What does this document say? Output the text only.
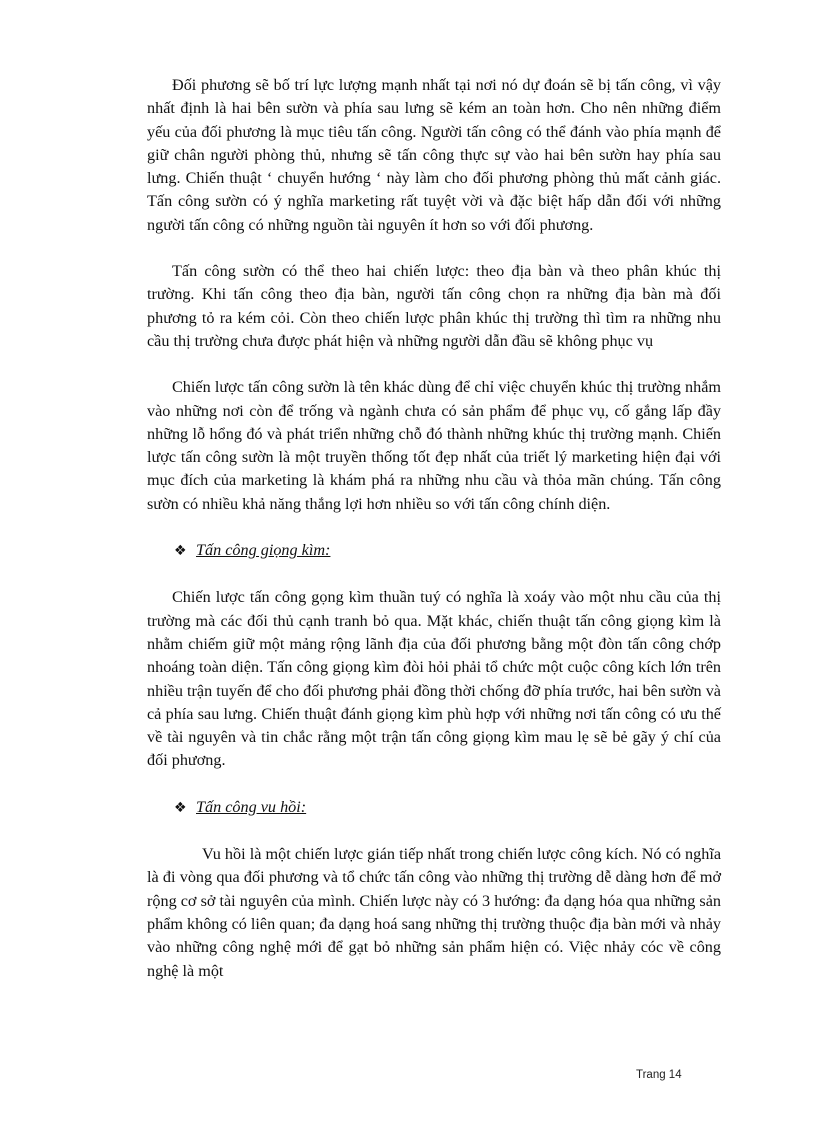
Đối phương sẽ bố trí lực lượng mạnh nhất tại nơi nó dự đoán sẽ bị tấn công, vì vậy nhất định là hai bên sườn và phía sau lưng sẽ kém an toàn hơn. Cho nên những điểm yếu của đối phương là mục tiêu tấn công. Người tấn công có thể đánh vào phía mạnh để giữ chân người phòng thủ, nhưng sẽ tấn công thực sự vào hai bên sườn hay phía sau lưng. Chiến thuật ‘ chuyển hướng ‘ này làm cho đối phương phòng thủ mất cảnh giác. Tấn công sườn có ý nghĩa marketing rất tuyệt vời và đặc biệt hấp dẫn đối với những người tấn công có những nguồn tài nguyên ít hơn so với đối phương.

Tấn công sườn có thể theo hai chiến lược: theo địa bàn và theo phân khúc thị trường. Khi tấn công theo địa bàn, người tấn công chọn ra những địa bàn mà đối phương tỏ ra kém cỏi. Còn theo chiến lược phân khúc thị trường thì tìm ra những nhu cầu thị trường chưa được phát hiện và những người dẫn đầu sẽ không phục vụ

Chiến lược tấn công sườn là tên khác dùng để chỉ việc chuyển khúc thị trường nhắm vào những nơi còn để trống và ngành chưa có sản phẩm để phục vụ, cố gắng lấp đầy những lỗ hổng đó và phát triển những chỗ đó thành những khúc thị trường mạnh. Chiến lược tấn công sườn là một truyền thống tốt đẹp nhất của triết lý marketing hiện đại với mục đích của marketing là khám phá ra những nhu cầu và thỏa mãn chúng. Tấn công sườn có nhiều khả năng thắng lợi hơn nhiều so với tấn công chính diện.

❖ Tấn công giọng kìm:

Chiến lược tấn công gọng kìm thuần tuý có nghĩa là xoáy vào một nhu cầu của thị trường mà các đối thủ cạnh tranh bỏ qua. Mặt khác, chiến thuật tấn công giọng kìm là nhằm chiếm giữ một mảng rộng lãnh địa của đối phương bằng một đòn tấn công chớp nhoáng toàn diện. Tấn công giọng kìm đòi hỏi phải tổ chức một cuộc công kích lớn trên nhiều trận tuyến để cho đối phương phải đồng thời chống đỡ phía trước, hai bên sườn và cả phía sau lưng. Chiến thuật đánh giọng kìm phù hợp với những nơi tấn công có ưu thế về tài nguyên và tin chắc rằng một trận tấn công giọng kìm mau lẹ sẽ bẻ gãy ý chí của đối phương.

❖ Tấn công vu hồi:

Vu hồi là một chiến lược gián tiếp nhất trong chiến lược công kích. Nó có nghĩa là đi vòng qua đối phương và tổ chức tấn công vào những thị trường dễ dàng hơn để mở rộng cơ sở tài nguyên của mình. Chiến lược này có 3 hướng: đa dạng hóa qua những sản phẩm không có liên quan; đa dạng hoá sang những thị trường thuộc địa bàn mới và nhảy vào những công nghệ mới để gạt bỏ những sản phẩm hiện có. Việc nhảy cóc về công nghệ là một

Trang 14
